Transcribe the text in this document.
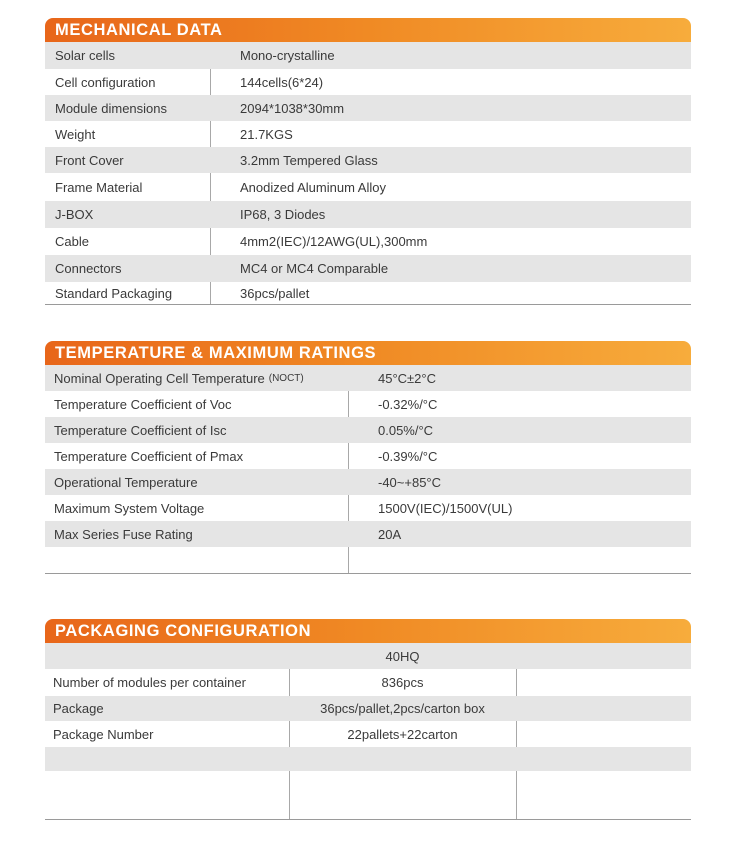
MECHANICAL DATA
Solar cells	Mono-crystalline
Cell configuration	144cells(6*24)
Module dimensions	2094*1038*30mm
Weight	21.7KGS
Front Cover	3.2mm Tempered Glass
Frame Material	Anodized Aluminum Alloy
J-BOX	IP68, 3 Diodes
Cable	4mm2(IEC)/12AWG(UL),300mm
Connectors	MC4 or MC4 Comparable
Standard Packaging	36pcs/pallet
TEMPERATURE & MAXIMUM RATINGS
Nominal Operating Cell Temperature (NOCT)	45°C±2°C
Temperature Coefficient of Voc	-0.32%/°C
Temperature Coefficient of Isc	0.05%/°C
Temperature Coefficient of Pmax	-0.39%/°C
Operational Temperature	-40~+85°C
Maximum System Voltage	1500V(IEC)/1500V(UL)
Max Series Fuse Rating	20A
PACKAGING CONFIGURATION
40HQ
Number of modules per container	836pcs
Package	36pcs/pallet,2pcs/carton box
Package Number	22pallets+22carton
